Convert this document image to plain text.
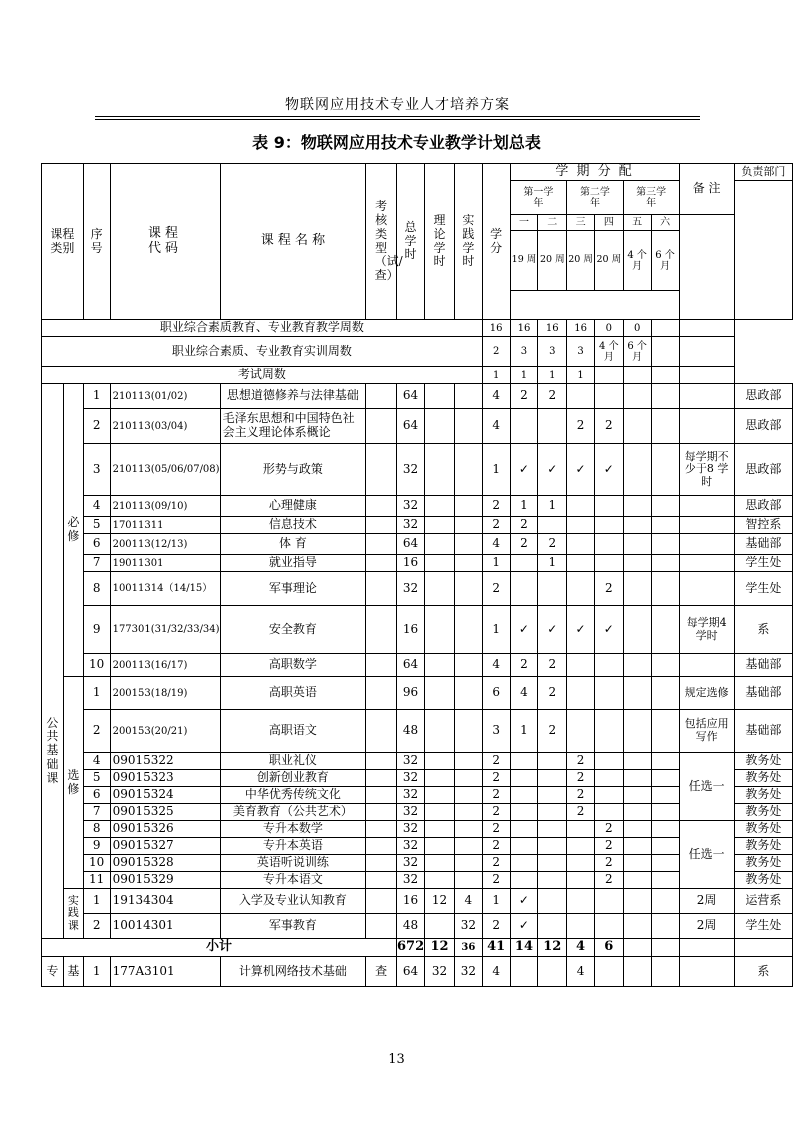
物联网应用技术专业人才培养方案
表 9：物联网应用技术专业教学计划总表
课程类别		序号	课程代码	课 程 名 称	考核类型（试/查）	总学时	理论学时	实践学时	学分	学 期 分 配						备 注	负责部门
										第一学年		第二学年		第三学年			
										一	二	三	四	五	六		
										19 周	20 周	20 周	20 周	4 个月	6 个月		

职业综合素质教育、专业教育教学周数									16	16	16	16	0	0			
职业综合素质、专业教育实训周数									2	3	3	3	4 个月	6 个月			
考试周数									1	1	1	1					
公共基础课	必修	1	210113(01/02)	思想道德修养与法律基础		64			4	2	2						思政部
		2	210113(03/04)	毛泽东思想和中国特色社会主义理论体系概论		64			4			2	2				思政部
		3	210113(05/06/07/08)	形势与政策		32			1	✓	✓	✓	✓			每学期不少于8 学时	思政部
		4	210113(09/10)	心理健康		32			2	1	1						思政部
		5	17011311	信息技术		32			2	2							智控系
		6	200113(12/13)	体 育		64			4	2	2						基础部
		7	19011301	就业指导		16			1		1						学生处
		8	10011314（14/15）	军事理论		32			2				2				学生处
		9	177301(31/32/33/34)	安全教育		16			1	✓	✓	✓	✓			每学期4 学时	系
		10	200113(16/17)	高职数学		64			4	2	2						基础部
	选修	1	200153(18/19)	高职英语		96			6	4	2					规定选修	基础部
		2	200153(20/21)	高职语文		48			3	1	2					包括应用写作	基础部
		4	09015322	职业礼仪		32			2			2				任选一	教务处
		5	09015323	创新创业教育		32			2			2					教务处
		6	09015324	中华优秀传统文化		32			2			2					教务处
		7	09015325	美育教育（公共艺术）		32			2			2					教务处
		8	09015326	专升本数学		32			2				2			任选一	教务处
		9	09015327	专升本英语		32			2				2				教务处
		10	09015328	英语听说训练		32			2				2				教务处
		11	09015329	专升本语文		32			2				2				教务处
	实践课	1	19134304	入学及专业认知教育		16	12	4	1	✓						2周	运营系
		2	10014301	军事教育		48		32	2	✓						2周	学生处
小计						672	12	36	41	14	12	4	6				
专	基	1	177A3101	计算机网络技术基础	查	64	32	32	4			4					系
13
